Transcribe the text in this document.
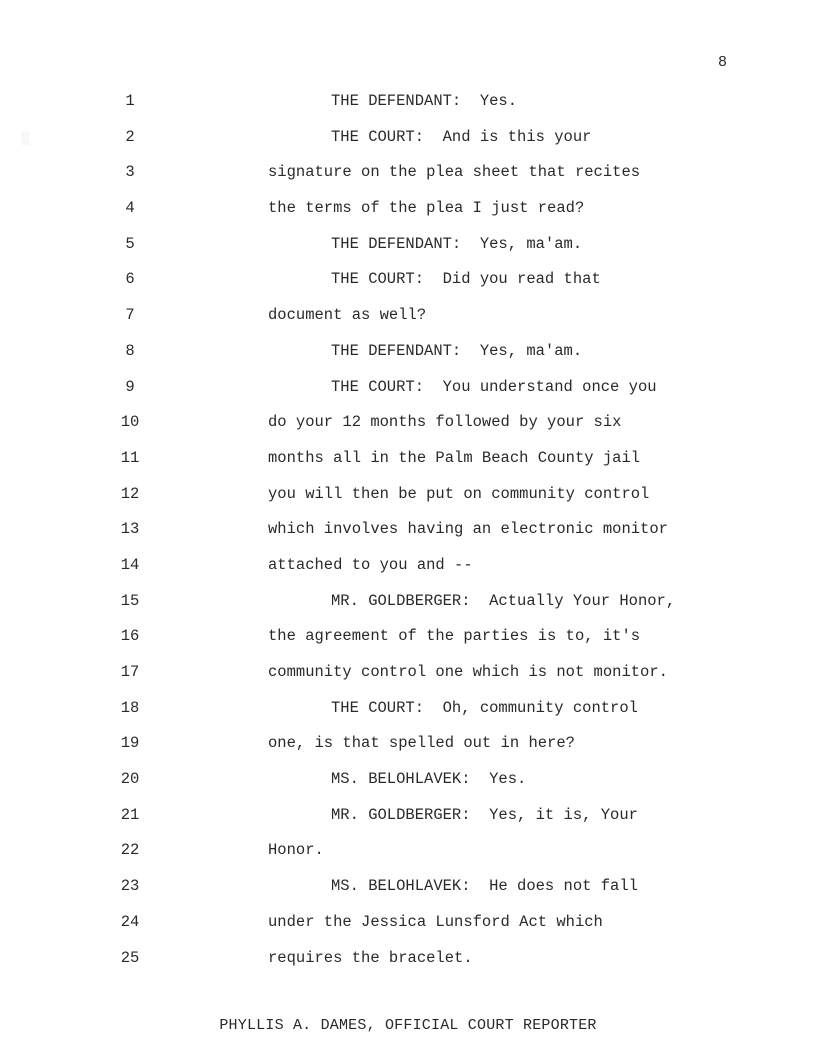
8
░
1	THE DEFENDANT:  Yes.
2	THE COURT:  And is this your
3	signature on the plea sheet that recites
4	the terms of the plea I just read?
5	THE DEFENDANT:  Yes, ma'am.
6	THE COURT:  Did you read that
7	document as well?
8	THE DEFENDANT:  Yes, ma'am.
9	THE COURT:  You understand once you
10	do your 12 months followed by your six
11	months all in the Palm Beach County jail
12	you will then be put on community control
13	which involves having an electronic monitor
14	attached to you and --
15	MR. GOLDBERGER:  Actually Your Honor,
16	the agreement of the parties is to, it's
17	community control one which is not monitor.
18	THE COURT:  Oh, community control
19	one, is that spelled out in here?
20	MS. BELOHLAVEK:  Yes.
21	MR. GOLDBERGER:  Yes, it is, Your
22	Honor.
23	MS. BELOHLAVEK:  He does not fall
24	under the Jessica Lunsford Act which
25	requires the bracelet.
PHYLLIS A. DAMES, OFFICIAL COURT REPORTER
